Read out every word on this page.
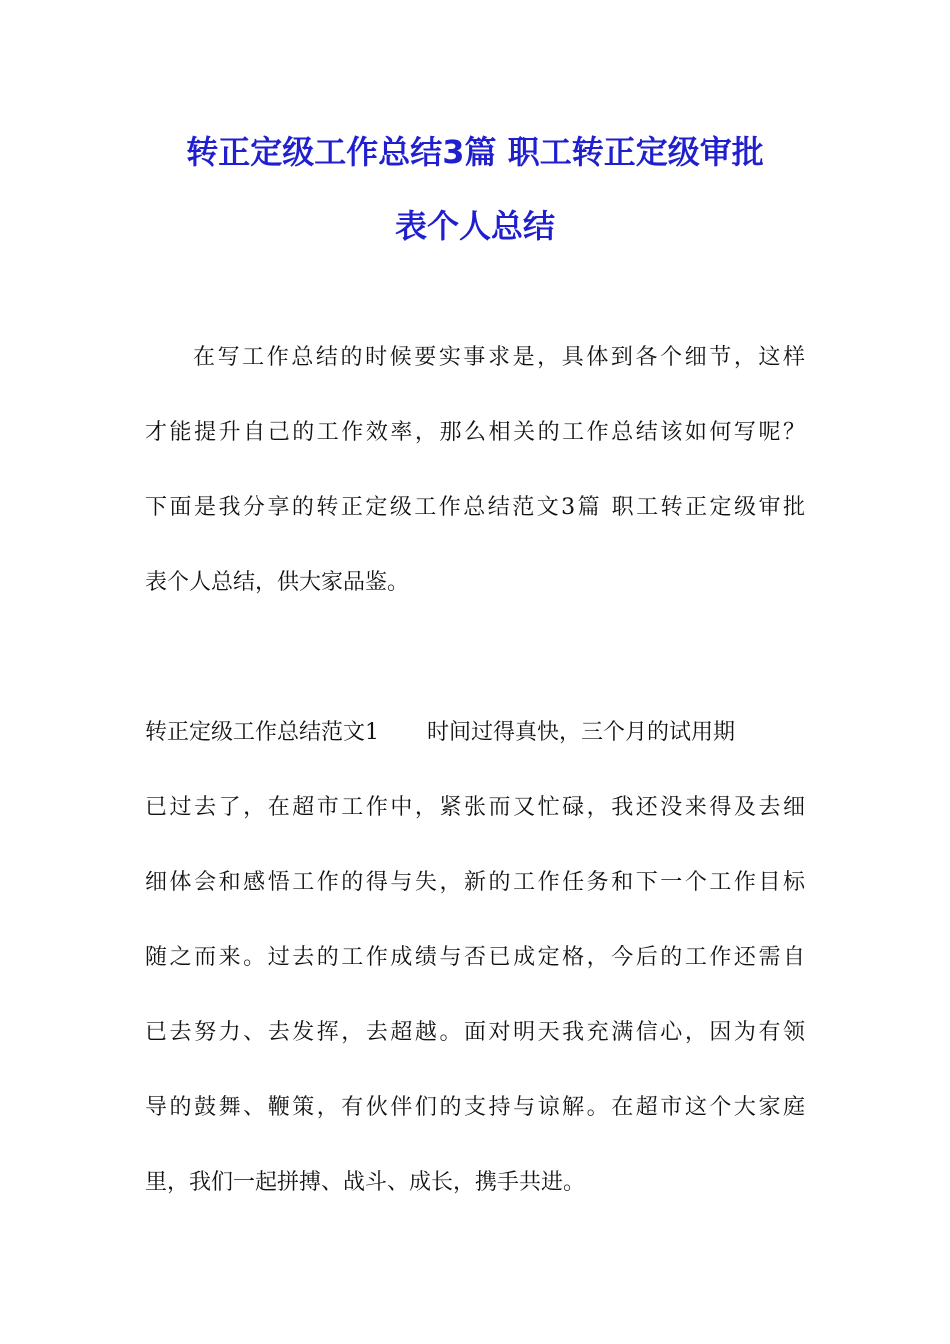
转正定级工作总结3篇 职工转正定级审批
表个人总结
在写工作总结的时候要实事求是，具体到各个细节，这样
才能提升自己的工作效率，那么相关的工作总结该如何写呢？
下面是我分享的转正定级工作总结范文3篇 职工转正定级审批
表个人总结，供大家品鉴。
转正定级工作总结范文1 时间过得真快，三个月的试用期
已过去了，在超市工作中，紧张而又忙碌，我还没来得及去细
细体会和感悟工作的得与失，新的工作任务和下一个工作目标
随之而来。过去的工作成绩与否已成定格，今后的工作还需自
已去努力、去发挥，去超越。面对明天我充满信心，因为有领
导的鼓舞、鞭策，有伙伴们的支持与谅解。在超市这个大家庭
里，我们一起拼搏、战斗、成长，携手共进。
